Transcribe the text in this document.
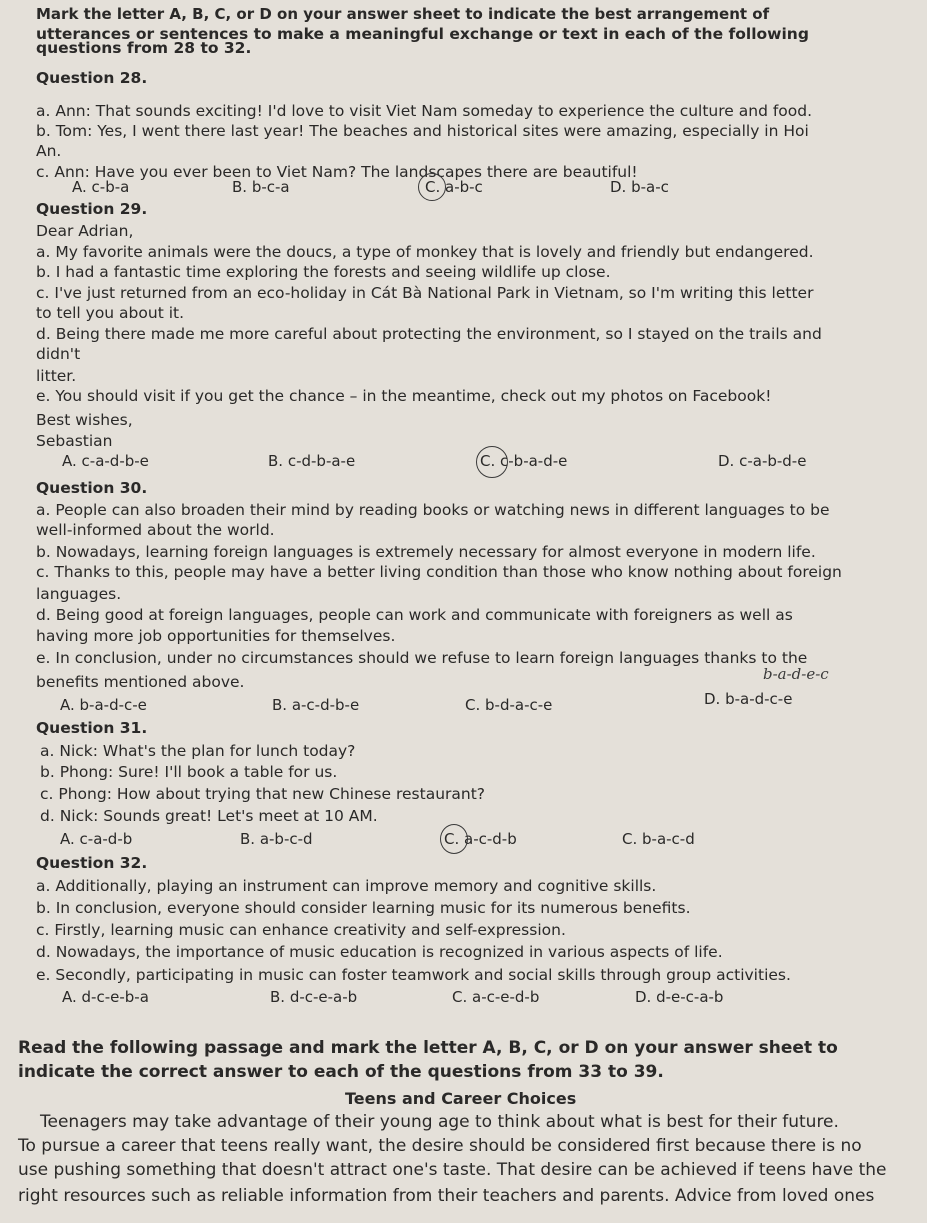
Mark the letter A, B, C, or D on your answer sheet to indicate the best arrangement of

utterances or sentences to make a meaningful exchange or text in each of the following

questions from 28 to 32.

Question 28.

a. Ann: That sounds exciting! I'd love to visit Viet Nam someday to experience the culture and food.

b. Tom: Yes, I went there last year! The beaches and historical sites were amazing, especially in Hoi

An.

c. Ann: Have you ever been to Viet Nam? The landscapes there are beautiful!

A. c-b-a	B. b-c-a	C. a-b-c	D. b-a-c

Question 29.

Dear Adrian,

a. My favorite animals were the doucs, a type of monkey that is lovely and friendly but endangered.

b. I had a fantastic time exploring the forests and seeing wildlife up close.

c. I've just returned from an eco-holiday in Cát Bà National Park in Vietnam, so I'm writing this letter

to tell you about it.

d. Being there made me more careful about protecting the environment, so I stayed on the trails and

didn't

litter.

e. You should visit if you get the chance – in the meantime, check out my photos on Facebook!

Best wishes,

Sebastian

A. c-a-d-b-e	B. c-d-b-a-e	C. c-b-a-d-e	D. c-a-b-d-e

Question 30.

a. People can also broaden their mind by reading books or watching news in different languages to be

well-informed about the world.

b. Nowadays, learning foreign languages is extremely necessary for almost everyone in modern life.

c. Thanks to this, people may have a better living condition than those who know nothing about foreign

languages.

d. Being good at foreign languages, people can work and communicate with foreigners as well as

having more job opportunities for themselves.

e. In conclusion, under no circumstances should we refuse to learn foreign languages thanks to the

benefits mentioned above.	b-a-d-e-c
A. b-a-d-c-e	B. a-c-d-b-e	C. b-d-a-c-e	D. b-a-d-c-e

Question 31.

a. Nick: What's the plan for lunch today?

b. Phong: Sure! I'll book a table for us.

c. Phong: How about trying that new Chinese restaurant?

d. Nick: Sounds great! Let's meet at 10 AM.

A. c-a-d-b	B. a-b-c-d	C. a-c-d-b	C. b-a-c-d

Question 32.

a. Additionally, playing an instrument can improve memory and cognitive skills.

b. In conclusion, everyone should consider learning music for its numerous benefits.

c. Firstly, learning music can enhance creativity and self-expression.

d. Nowadays, the importance of music education is recognized in various aspects of life.

e. Secondly, participating in music can foster teamwork and social skills through group activities.

A. d-c-e-b-a	B. d-c-e-a-b	C. a-c-e-d-b	D. d-e-c-a-b

Read the following passage and mark the letter A, B, C, or D on your answer sheet to

indicate the correct answer to each of the questions from 33 to 39.

Teens and Career Choices

Teenagers may take advantage of their young age to think about what is best for their future.

To pursue a career that teens really want, the desire should be considered first because there is no

use pushing something that doesn't attract one's taste. That desire can be achieved if teens have the

right resources such as reliable information from their teachers and parents. Advice from loved ones
